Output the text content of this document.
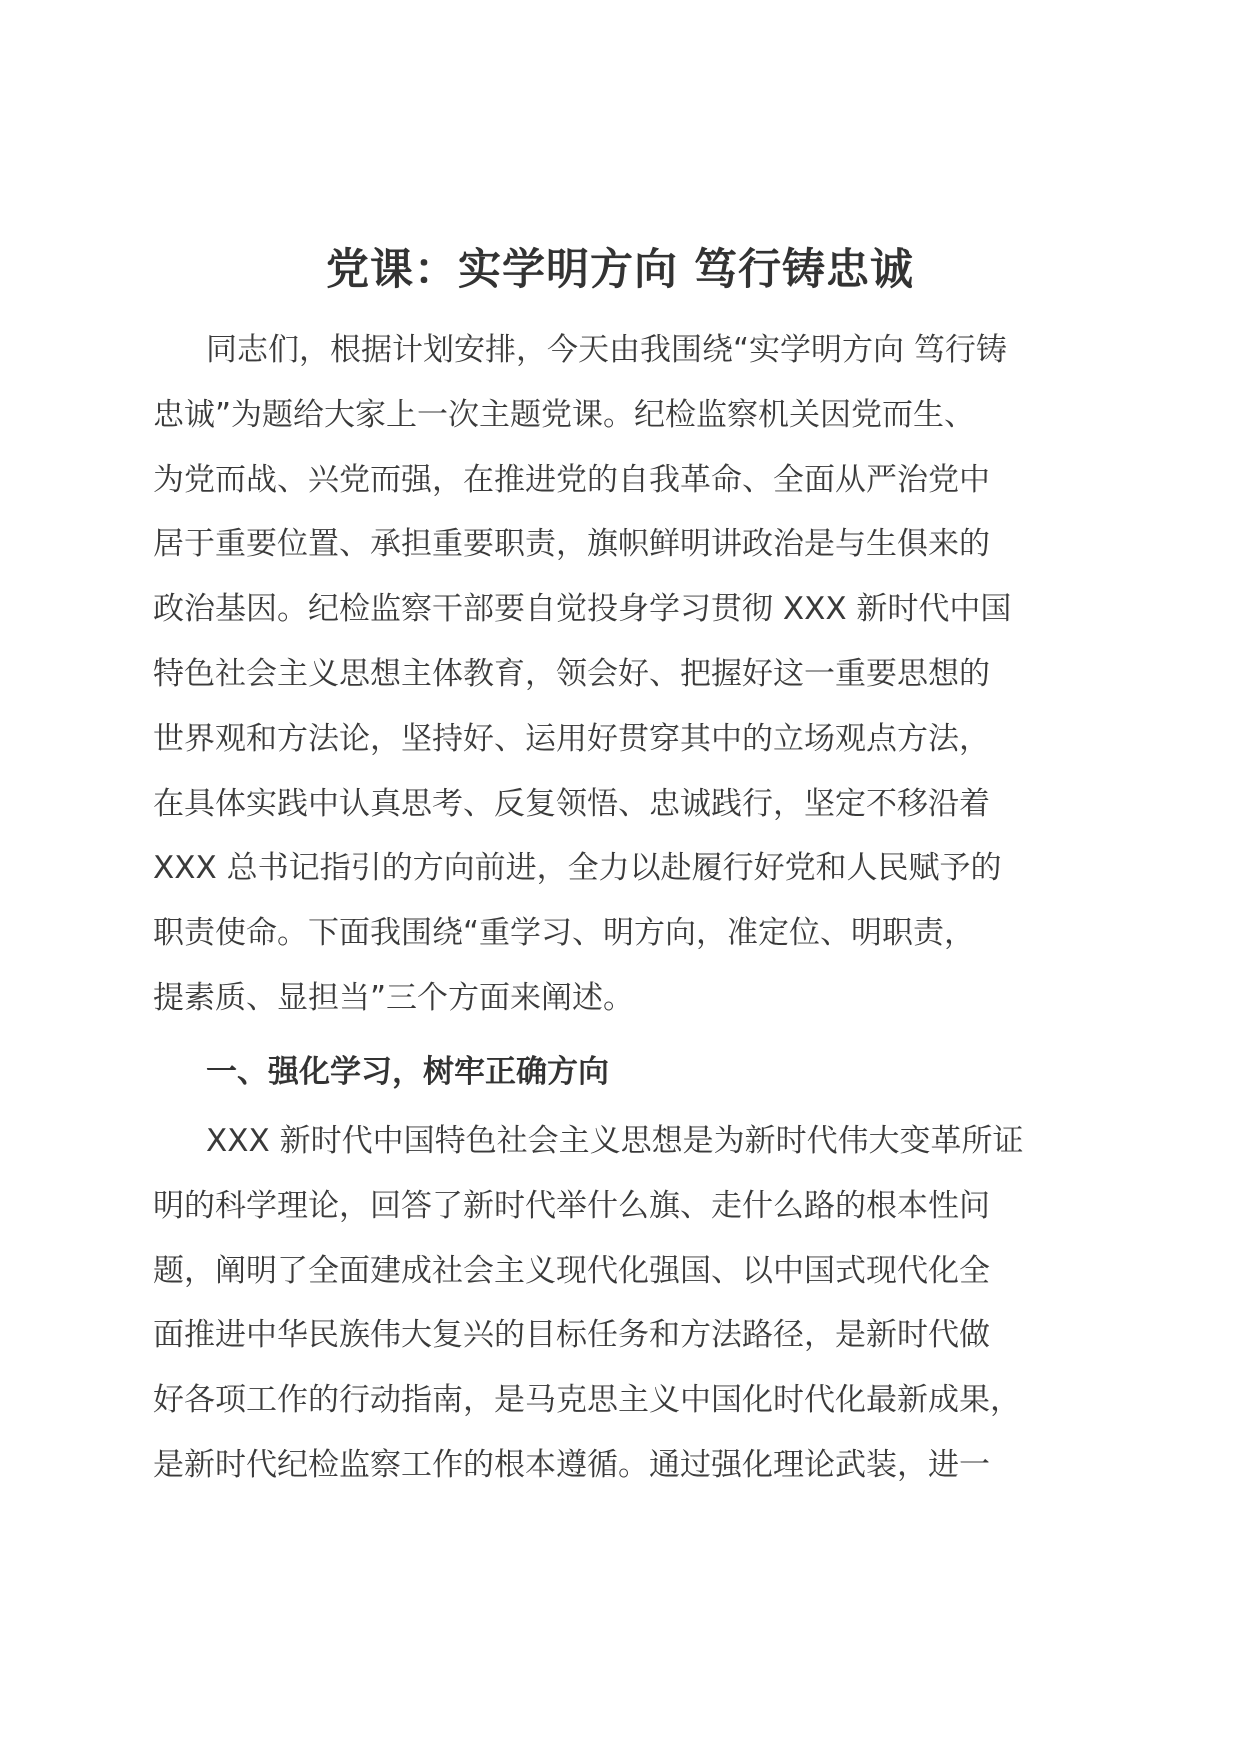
党课：实学明方向 笃行铸忠诚
同志们，根据计划安排，今天由我围绕“实学明方向 笃行铸
忠诚”为题给大家上一次主题党课。纪检监察机关因党而生、
为党而战、兴党而强，在推进党的自我革命、全面从严治党中
居于重要位置、承担重要职责，旗帜鲜明讲政治是与生俱来的
政治基因。纪检监察干部要自觉投身学习贯彻 XXX 新时代中国
特色社会主义思想主体教育，领会好、把握好这一重要思想的
世界观和方法论，坚持好、运用好贯穿其中的立场观点方法，
在具体实践中认真思考、反复领悟、忠诚践行，坚定不移沿着
XXX 总书记指引的方向前进，全力以赴履行好党和人民赋予的
职责使命。下面我围绕“重学习、明方向，准定位、明职责，
提素质、显担当”三个方面来阐述。
一、强化学习，树牢正确方向
XXX 新时代中国特色社会主义思想是为新时代伟大变革所证
明的科学理论，回答了新时代举什么旗、走什么路的根本性问
题，阐明了全面建成社会主义现代化强国、以中国式现代化全
面推进中华民族伟大复兴的目标任务和方法路径，是新时代做
好各项工作的行动指南，是马克思主义中国化时代化最新成果，
是新时代纪检监察工作的根本遵循。通过强化理论武装，进一
